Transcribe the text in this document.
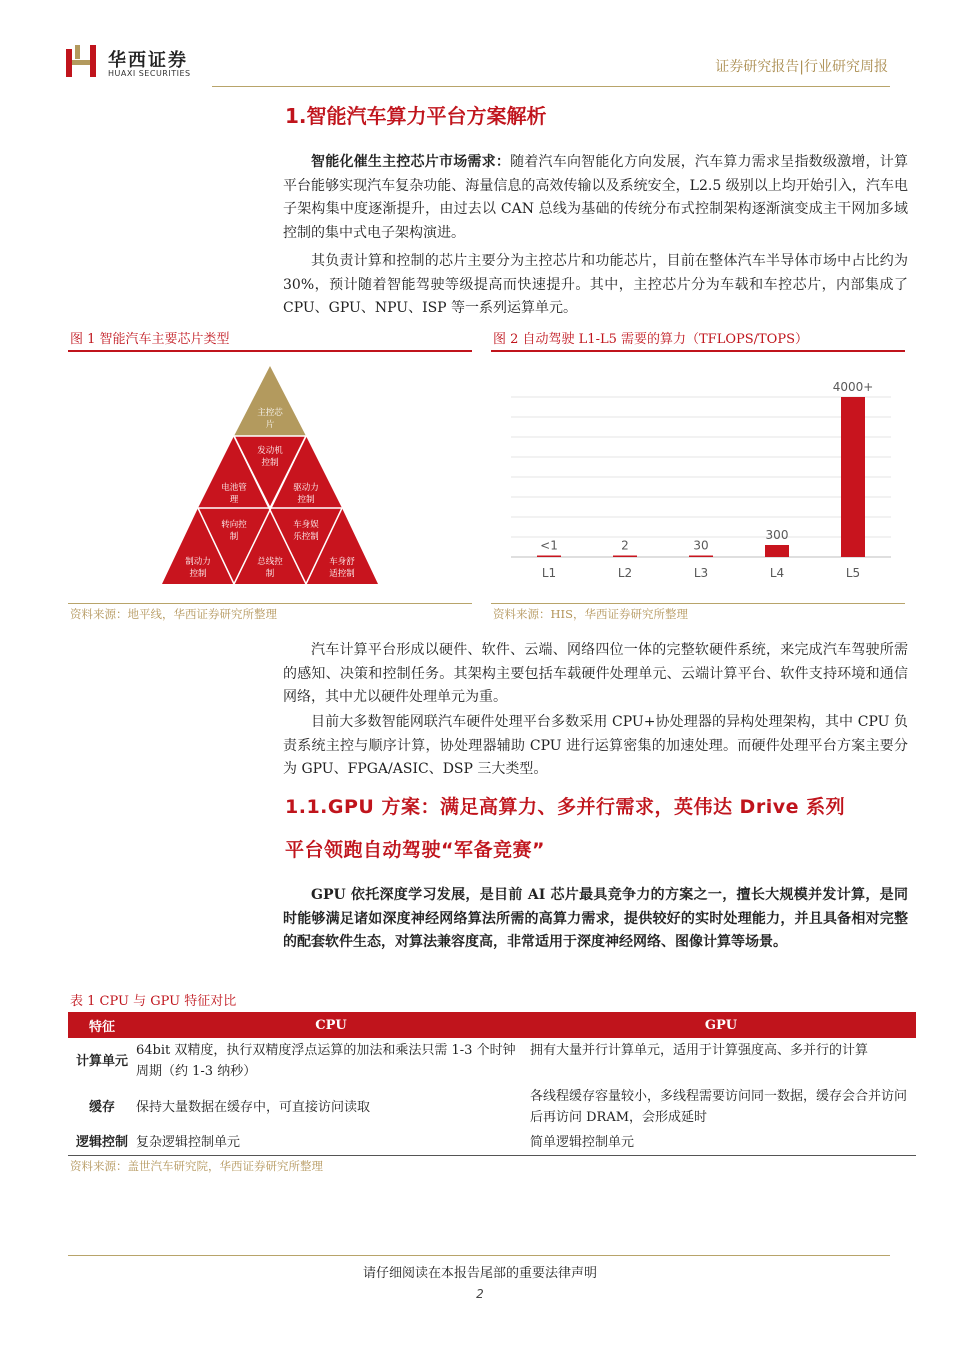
华西证券
HUAXI SECURITIES	证券研究报告|行业研究周报
1.智能汽车算力平台方案解析

智能化催生主控芯片市场需求：随着汽车向智能化方向发展，汽车算力需求呈指数级激增，计算平台能够实现汽车复杂功能、海量信息的高效传输以及系统安全，L2.5 级别以上均开始引入，汽车电子架构集中度逐渐提升，由过去以 CAN 总线为基础的传统分布式控制架构逐渐演变成主干网加多域控制的集中式电子架构演进。

其负责计算和控制的芯片主要分为主控芯片和功能芯片，目前在整体汽车半导体市场中占比约为 30%，预计随着智能驾驶等级提高而快速提升。其中，主控芯片分为车载和车控芯片，内部集成了 CPU、GPU、NPU、ISP 等一系列运算单元。

图 1 智能汽车主要芯片类型	图 2 自动驾驶 L1-L5 需要的算力（TFLOPS/TOPS）
主控芯
片
发动机
控制
电池管
理
驱动力
控制
转向控
制
车身娱
乐控制
制动力
控制
总线控
制
车身舒
适控制
<1	2	30
300
4000+
L1	L2	L3	L4	L5
资料来源：地平线，华西证券研究所整理	资料来源：HIS，华西证券研究所整理

汽车计算平台形成以硬件、软件、云端、网络四位一体的完整软硬件系统，来完成汽车驾驶所需的感知、决策和控制任务。其架构主要包括车载硬件处理单元、云端计算平台、软件支持环境和通信网络，其中尤以硬件处理单元为重。

目前大多数智能网联汽车硬件处理平台多数采用 CPU+协处理器的异构处理架构，其中 CPU 负责系统主控与顺序计算，协处理器辅助 CPU 进行运算密集的加速处理。而硬件处理平台方案主要分为 GPU、FPGA/ASIC、DSP 三大类型。

1.1.GPU 方案：满足高算力、多并行需求，英伟达 Drive 系列
平台领跑自动驾驶“军备竞赛”

GPU 依托深度学习发展，是目前 AI 芯片最具竞争力的方案之一，擅长大规模并发计算，是同时能够满足诸如深度神经网络算法所需的高算力需求，提供较好的实时处理能力，并且具备相对完整的配套软件生态，对算法兼容度高，非常适用于深度神经网络、图像计算等场景。

表 1 CPU 与 GPU 特征对比
特征	CPU	GPU
计算单元	64bit 双精度，执行双精度浮点运算的加法和乘法只需 1-3 个时钟周期（约 1-3 纳秒）	拥有大量并行计算单元，适用于计算强度高、多并行的计算
缓存	保持大量数据在缓存中，可直接访问读取	各线程缓存容量较小，多线程需要访问同一数据，缓存会合并访问后再访问 DRAM，会形成延时
逻辑控制	复杂逻辑控制单元	简单逻辑控制单元
资料来源：盖世汽车研究院，华西证券研究所整理
请仔细阅读在本报告尾部的重要法律声明
2
